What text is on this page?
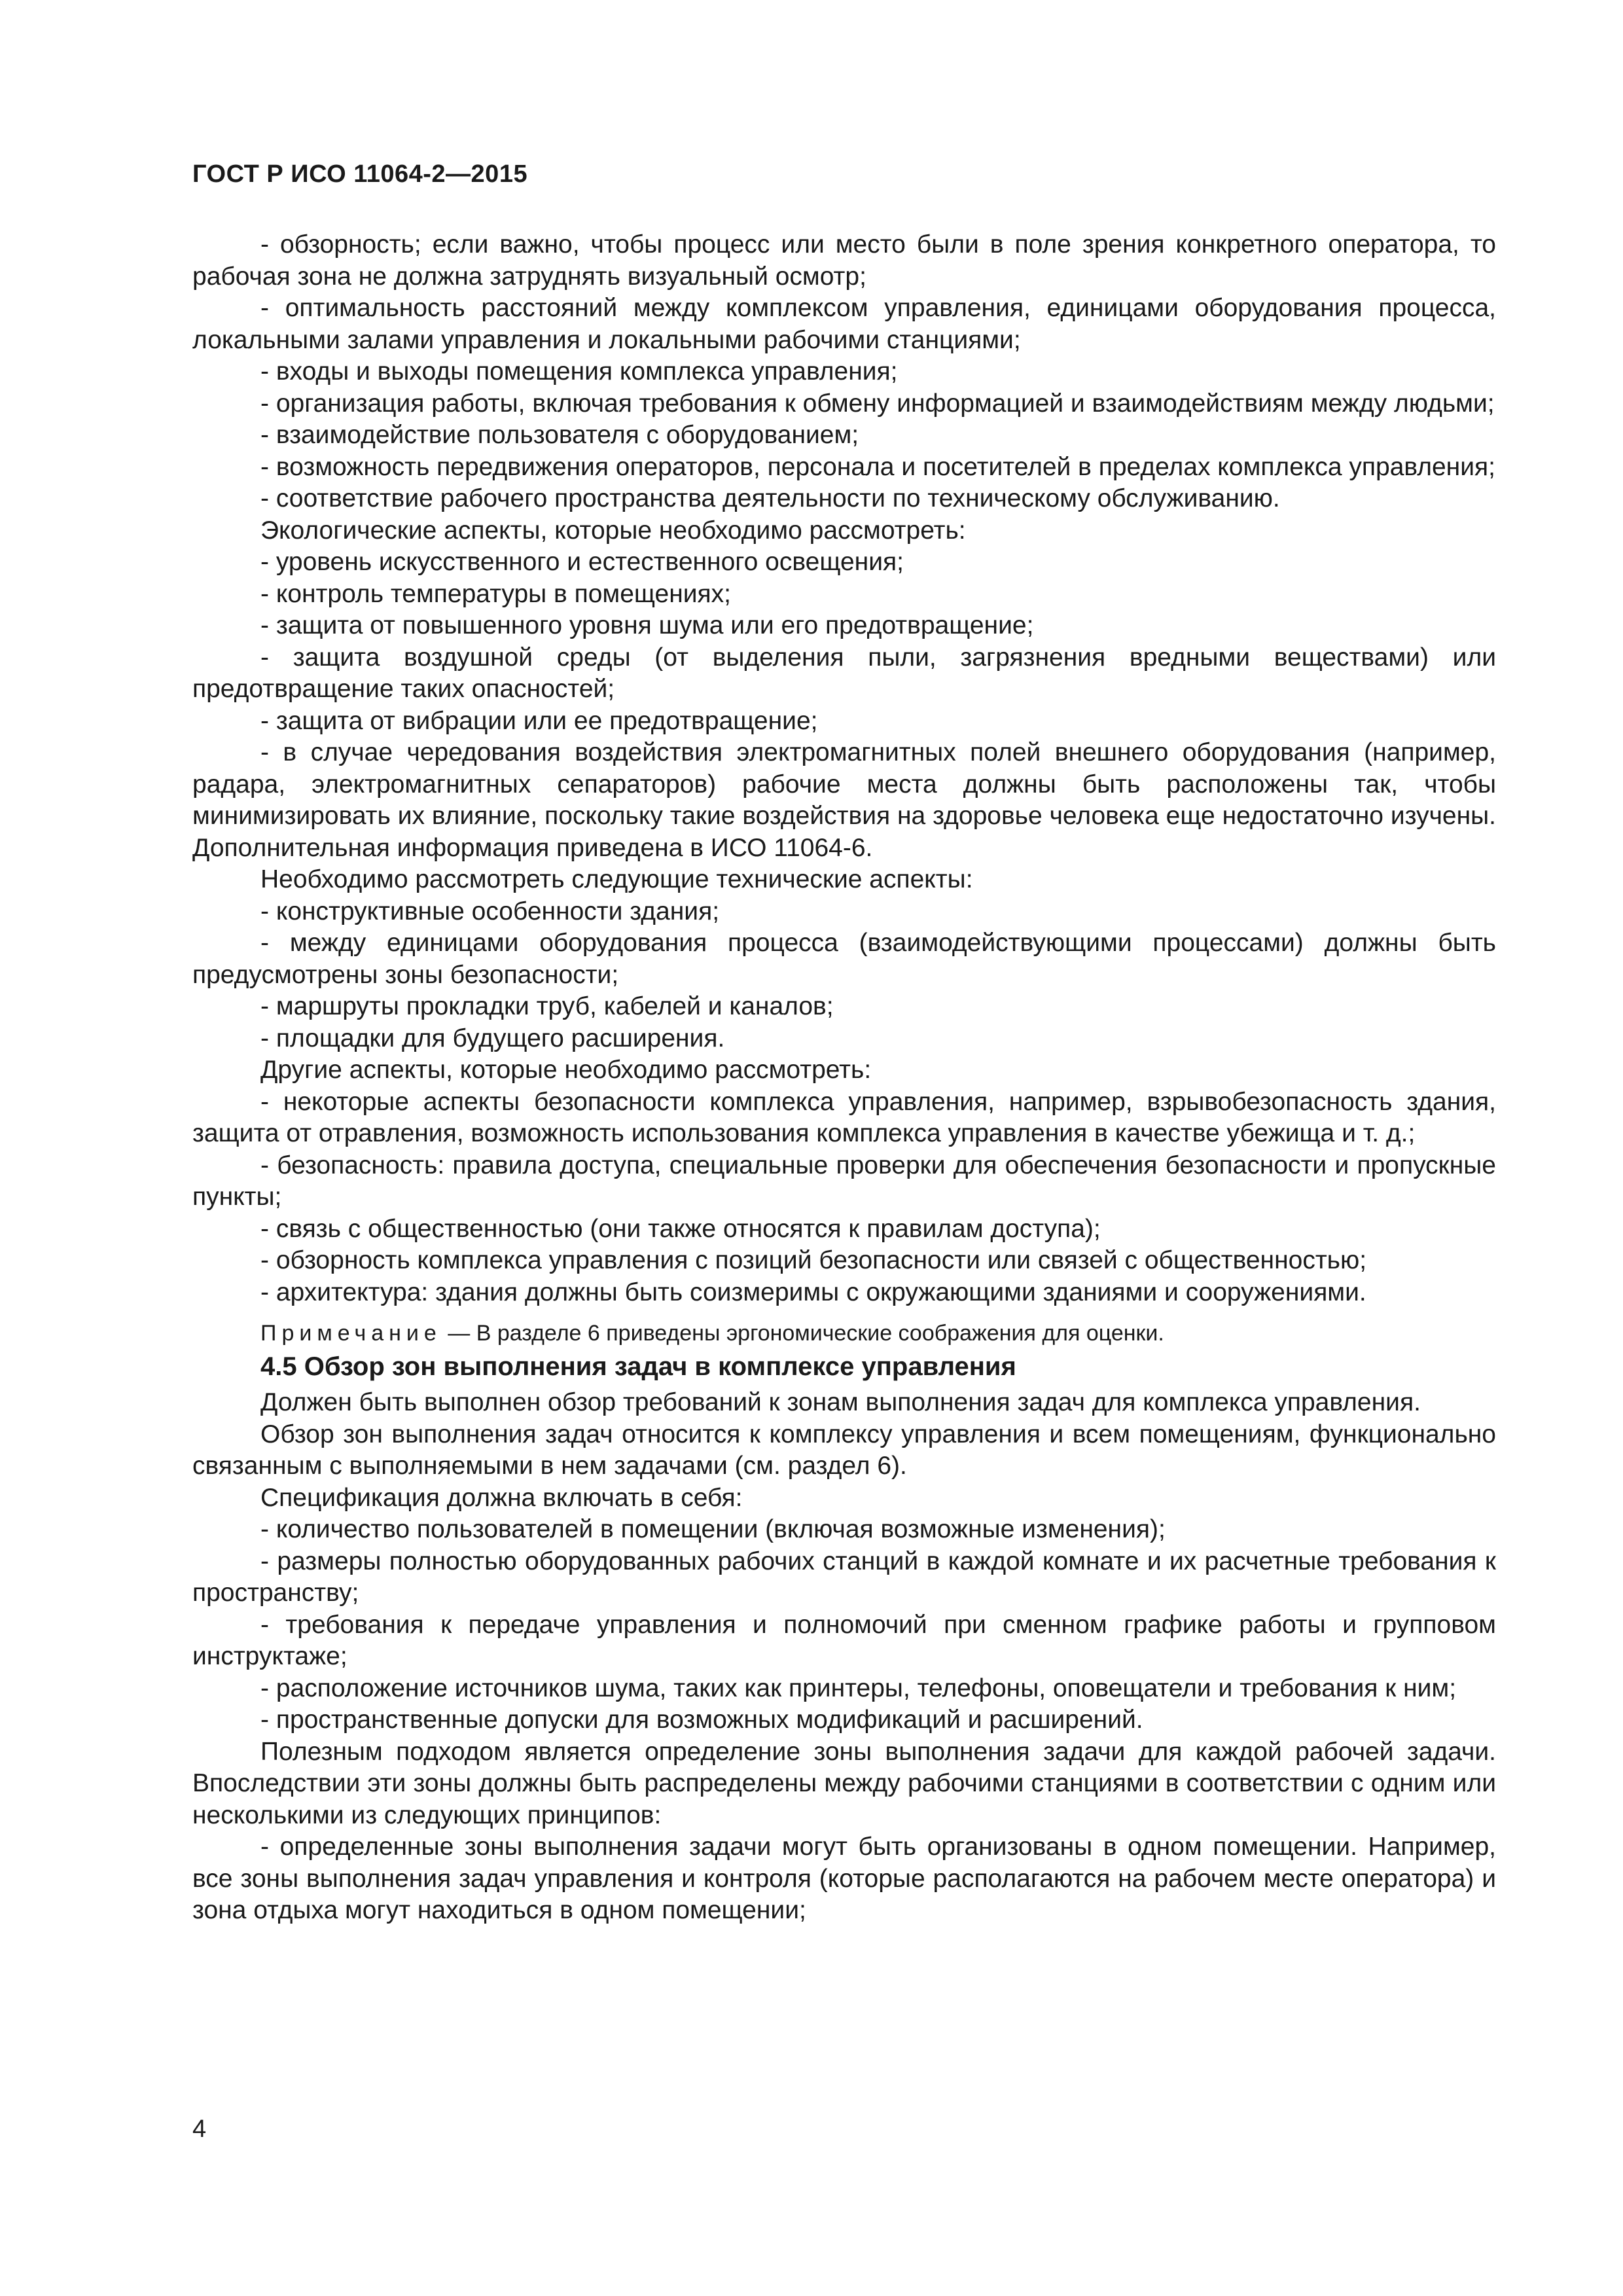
ГОСТ Р ИСО 11064-2—2015

- обзорность; если важно, чтобы процесс или место были в поле зрения конкретного оператора, то рабочая зона не должна затруднять визуальный осмотр;

- оптимальность расстояний между комплексом управления, единицами оборудования процесса, локальными залами управления и локальными рабочими станциями;

- входы и выходы помещения комплекса управления;

- организация работы, включая требования к обмену информацией и взаимодействиям между людьми;

- взаимодействие пользователя с оборудованием;

- возможность передвижения операторов, персонала и посетителей в пределах комплекса управления;

- соответствие рабочего пространства деятельности по техническому обслуживанию.

Экологические аспекты, которые необходимо рассмотреть:

- уровень искусственного и естественного освещения;

- контроль температуры в помещениях;

- защита от повышенного уровня шума или его предотвращение;

- защита воздушной среды (от выделения пыли, загрязнения вредными веществами) или предотвращение таких опасностей;

- защита от вибрации или ее предотвращение;

- в случае чередования воздействия электромагнитных полей внешнего оборудования (например, радара, электромагнитных сепараторов) рабочие места должны быть расположены так, чтобы минимизировать их влияние, поскольку такие воздействия на здоровье человека еще недостаточно изучены. Дополнительная информация приведена в ИСО 11064-6.

Необходимо рассмотреть следующие технические аспекты:

- конструктивные особенности здания;

- между единицами оборудования процесса (взаимодействующими процессами) должны быть предусмотрены зоны безопасности;

- маршруты прокладки труб, кабелей и каналов;

- площадки для будущего расширения.

Другие аспекты, которые необходимо рассмотреть:

- некоторые аспекты безопасности комплекса управления, например, взрывобезопасность здания, защита от отравления, возможность использования комплекса управления в качестве убежища и т. д.;

- безопасность: правила доступа, специальные проверки для обеспечения безопасности и пропускные пункты;

- связь с общественностью (они также относятся к правилам доступа);

- обзорность комплекса управления с позиций безопасности или связей с общественностью;

- архитектура: здания должны быть соизмеримы с окружающими зданиями и сооружениями.

Примечание — В разделе 6 приведены эргономические соображения для оценки.

4.5 Обзор зон выполнения задач в комплексе управления

Должен быть выполнен обзор требований к зонам выполнения задач для комплекса управления.

Обзор зон выполнения задач относится к комплексу управления и всем помещениям, функционально связанным с выполняемыми в нем задачами (см. раздел 6).

Спецификация должна включать в себя:

- количество пользователей в помещении (включая возможные изменения);

- размеры полностью оборудованных рабочих станций в каждой комнате и их расчетные требования к пространству;

- требования к передаче управления и полномочий при сменном графике работы и групповом инструктаже;

- расположение источников шума, таких как принтеры, телефоны, оповещатели и требования к ним;

- пространственные допуски для возможных модификаций и расширений.

Полезным подходом является определение зоны выполнения задачи для каждой рабочей задачи. Впоследствии эти зоны должны быть распределены между рабочими станциями в соответствии с одним или несколькими из следующих принципов:

- определенные зоны выполнения задачи могут быть организованы в одном помещении. Например, все зоны выполнения задач управления и контроля (которые располагаются на рабочем месте оператора) и зона отдыха могут находиться в одном помещении;

4
